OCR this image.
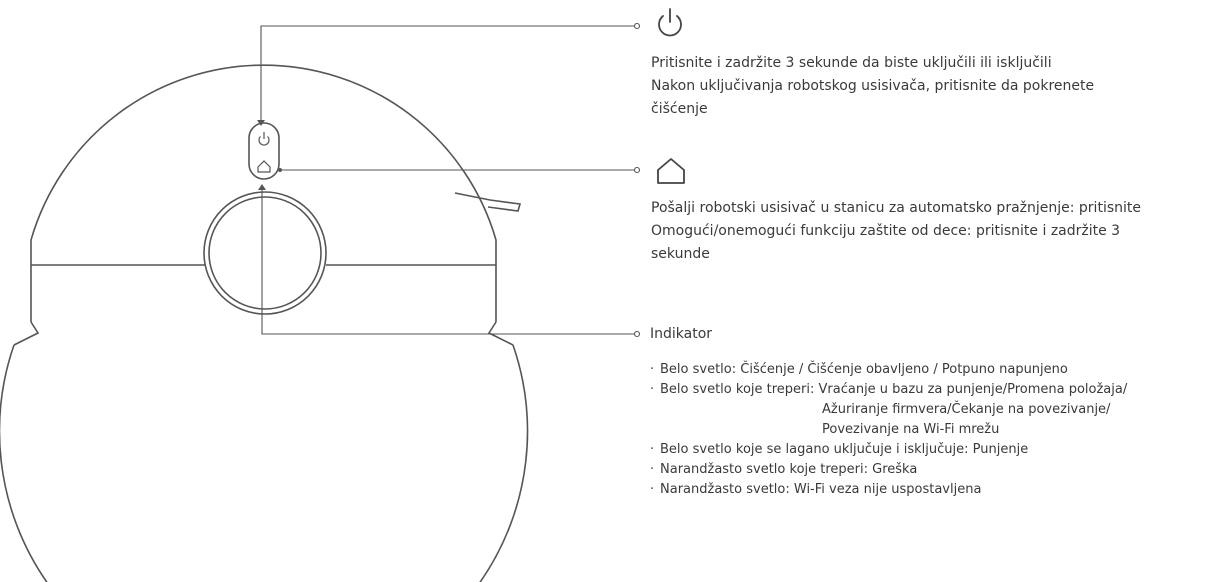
Pritisnite i zadržite 3 sekunde da biste uključili ili isključili
Nakon uključivanja robotskog usisivača, pritisnite da pokrenete
čišćenje
Pošalji robotski usisivač u stanicu za automatsko pražnjenje: pritisnite
Omogući/onemogući funkciju zaštite od dece: pritisnite i zadržite 3
sekunde
Indikator
· Belo svetlo: Čišćenje / Čišćenje obavljeno / Potpuno napunjeno
· Belo svetlo koje treperi: Vraćanje u bazu za punjenje/Promena položaja/
Ažuriranje firmvera/Čekanje na povezivanje/
Povezivanje na Wi-Fi mrežu
· Belo svetlo koje se lagano uključuje i isključuje: Punjenje
· Narandžasto svetlo koje treperi: Greška
· Narandžasto svetlo: Wi-Fi veza nije uspostavljena
